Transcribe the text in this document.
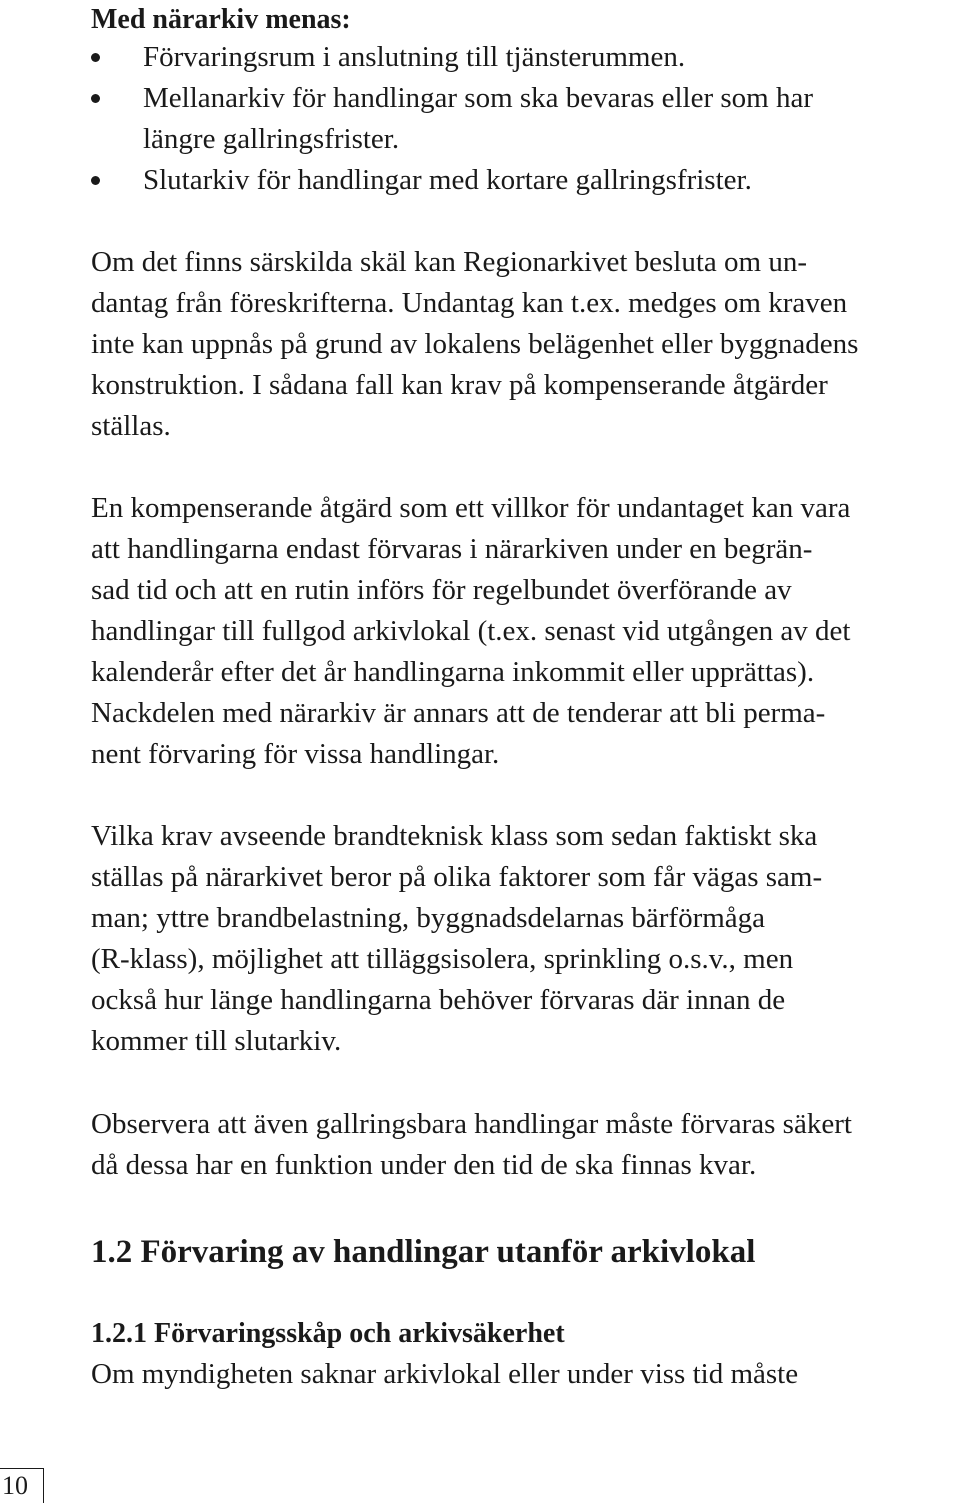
Med närarkiv menas:
Förvaringsrum i anslutning till tjänsterummen.
Mellanarkiv för handlingar som ska bevaras eller som har
längre gallringsfrister.
Slutarkiv för handlingar med kortare gallringsfrister.
Om det finns särskilda skäl kan Regionarkivet besluta om un-
dantag från föreskrifterna. Undantag kan t.ex. medges om kraven
inte kan uppnås på grund av lokalens belägenhet eller byggnadens
konstruktion. I sådana fall kan krav på kompenserande åtgärder
ställas.
En kompenserande åtgärd som ett villkor för undantaget kan vara
att handlingarna endast förvaras i närarkiven under en begrän-
sad tid och att en rutin införs för regelbundet överförande av
handlingar till fullgod arkivlokal (t.ex. senast vid utgången av det
kalenderår efter det år handlingarna inkommit eller upprättas).
Nackdelen med närarkiv är annars att de tenderar att bli perma-
nent förvaring för vissa handlingar.
Vilka krav avseende brandteknisk klass som sedan faktiskt ska
ställas på närarkivet beror på olika faktorer som får vägas sam-
man; yttre brandbelastning, byggnadsdelarnas bärförmåga
(R-klass), möjlighet att tilläggsisolera, sprinkling o.s.v., men
också hur länge handlingarna behöver förvaras där innan de
kommer till slutarkiv.
Observera att även gallringsbara handlingar måste förvaras säkert
då dessa har en funktion under den tid de ska finnas kvar.
1.2 Förvaring av handlingar utanför arkivlokal
1.2.1 Förvaringsskåp och arkivsäkerhet
Om myndigheten saknar arkivlokal eller under viss tid måste
10
